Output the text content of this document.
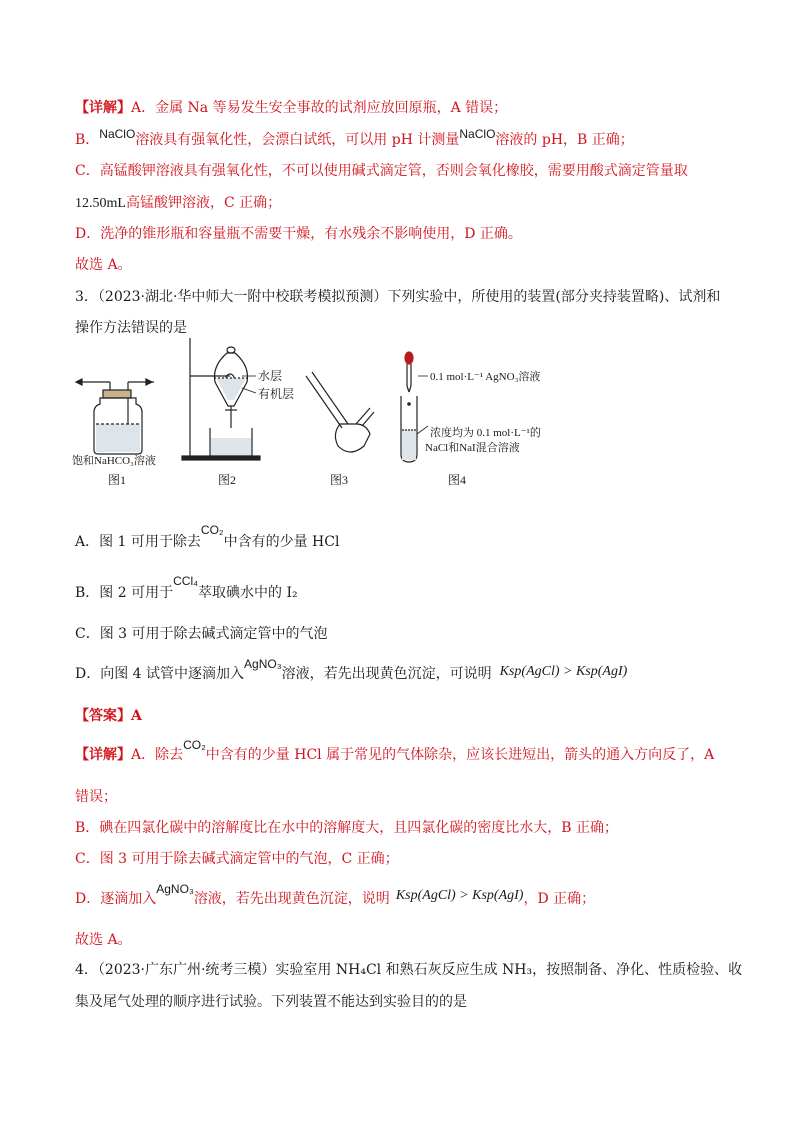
【详解】A．金属 Na 等易发生安全事故的试剂应放回原瓶，A 错误；
B．NaClO溶液具有强氧化性，会漂白试纸，可以用 pH 计测量NaClO溶液的 pH，B 正确；
C．高锰酸钾溶液具有强氧化性，不可以使用碱式滴定管，否则会氧化橡胶，需要用酸式滴定管量取
12.50mL高锰酸钾溶液，C 正确；
D．洗净的锥形瓶和容量瓶不需要干燥，有水残余不影响使用，D 正确。
故选 A。
3．（2023·湖北·华中师大一附中校联考模拟预测）下列实验中，所使用的装置(部分夹持装置略)、试剂和
操作方法错误的是
饱和NaHCO₃溶液
图1
水层
有机层
图2	图3
0.1 mol·L⁻¹ AgNO₃溶液
浓度均为 0.1 mol·L⁻¹的
NaCl和NaI混合溶液
图4
A．图 1 可用于除去CO₂中含有的少量 HCl
B．图 2 可用于CCl₄萃取碘水中的 I₂
C．图 3 可用于除去碱式滴定管中的气泡
D．向图 4 试管中逐滴加入AgNO₃溶液，若先出现黄色沉淀，可说明 Ksp(AgCl) > Ksp(AgI)
【答案】A
【详解】A．除去CO₂中含有的少量 HCl 属于常见的气体除杂，应该长进短出，箭头的通入方向反了，A
错误；
B．碘在四氯化碳中的溶解度比在水中的溶解度大，且四氯化碳的密度比水大，B 正确；
C．图 3 可用于除去碱式滴定管中的气泡，C 正确；
D．逐滴加入AgNO₃溶液，若先出现黄色沉淀，说明 Ksp(AgCl) > Ksp(AgI)，D 正确；
故选 A。
4．（2023·广东广州·统考三模）实验室用 NH₄Cl 和熟石灰反应生成 NH₃，按照制备、净化、性质检验、收
集及尾气处理的顺序进行试验。下列装置不能达到实验目的的是
